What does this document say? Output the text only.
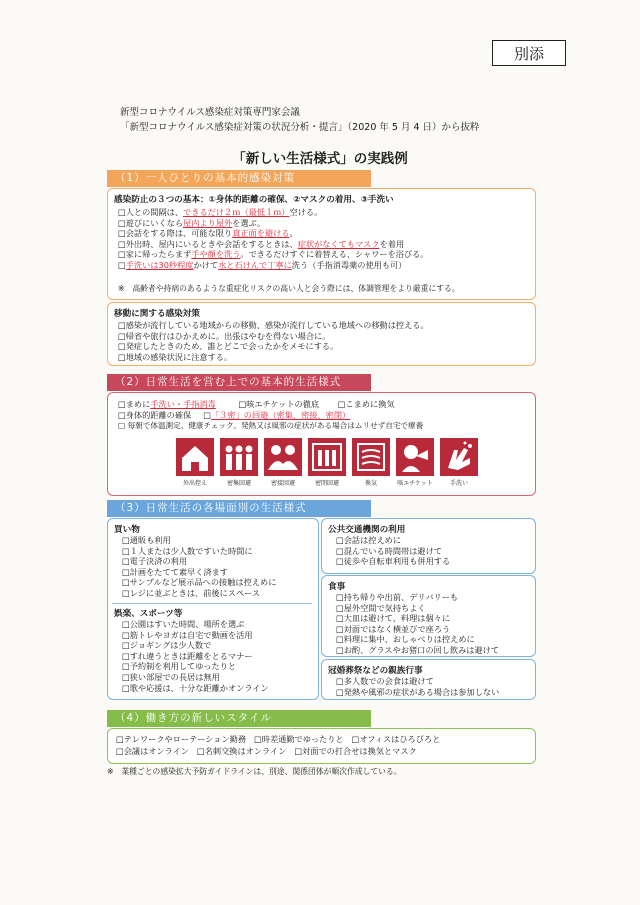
別添
新型コロナウイルス感染症対策専門家会議
「新型コロナウイルス感染症対策の状況分析・提言」（2020 年 5 月 4 日）から抜粋
「新しい生活様式」の実践例
（1）一人ひとりの基本的感染対策
感染防止の３つの基本：①身体的距離の確保、②マスクの着用、③手洗い
□人との間隔は、できるだけ２ｍ（最低１ｍ）空ける。
□遊びにいくなら屋内より屋外を選ぶ。
□会話をする際は、可能な限り真正面を避ける。
□外出時、屋内にいるときや会話をするときは、症状がなくてもマスクを着用
□家に帰ったらまず手や顔を洗う。できるだけすぐに着替える、シャワーを浴びる。
□手洗いは30秒程度かけて水と石けんで丁寧に洗う（手指消毒薬の使用も可）
※　高齢者や持病のあるような重症化リスクの高い人と会う際には、体調管理をより厳重にする。
移動に関する感染対策
□感染が流行している地域からの移動、感染が流行している地域への移動は控える。
□帰省や旅行はひかえめに。出張はやむを得ない場合に。
□発症したときのため、誰とどこで会ったかをメモにする。
□地域の感染状況に注意する。
（2）日常生活を営む上での基本的生活様式
□まめに手洗い・手指消毒	□咳エチケットの徹底 □こまめに換気
□身体的距離の確保 □「３密」の回避（密集、密接、密閉）
□ 毎朝で体温測定、健康チェック。発熱又は風邪の症状がある場合はムリせず自宅で療養
外出控え	密集回避	密接回避	密閉回避	換気	咳エチケット	手洗い
（3）日常生活の各場面別の生活様式
買い物
□通販も利用
□１人または少人数ですいた時間に
□電子決済の利用
□計画をたてて素早く済ます
□サンプルなど展示品への接触は控えめに
□レジに並ぶときは、前後にスペース
娯楽、スポーツ等
□公園はすいた時間、場所を選ぶ
□筋トレやヨガは自宅で動画を活用
□ジョギングは少人数で
□すれ違うときは距離をとるマナー
□予約制を利用してゆったりと
□狭い部屋での長居は無用
□歌や応援は、十分な距離かオンライン
公共交通機関の利用
□会話は控えめに
□混んでいる時間帯は避けて
□徒歩や自転車利用も併用する
食事
□持ち帰りや出前、デリバリーも
□屋外空間で気持ちよく
□大皿は避けて、料理は個々に
□対面ではなく横並びで座ろう
□料理に集中、おしゃべりは控えめに
□お酌、グラスやお猪口の回し飲みは避けて
冠婚葬祭などの親族行事
□多人数での会食は避けて
□発熱や風邪の症状がある場合は参加しない
（4）働き方の新しいスタイル
□テレワークやローテーション勤務 □時差通勤でゆったりと □オフィスはひろびろと
□会議はオンライン □名刺交換はオンライン □対面での打合せは換気とマスク
※　業種ごとの感染拡大予防ガイドラインは、別途、関係団体が順次作成している。
